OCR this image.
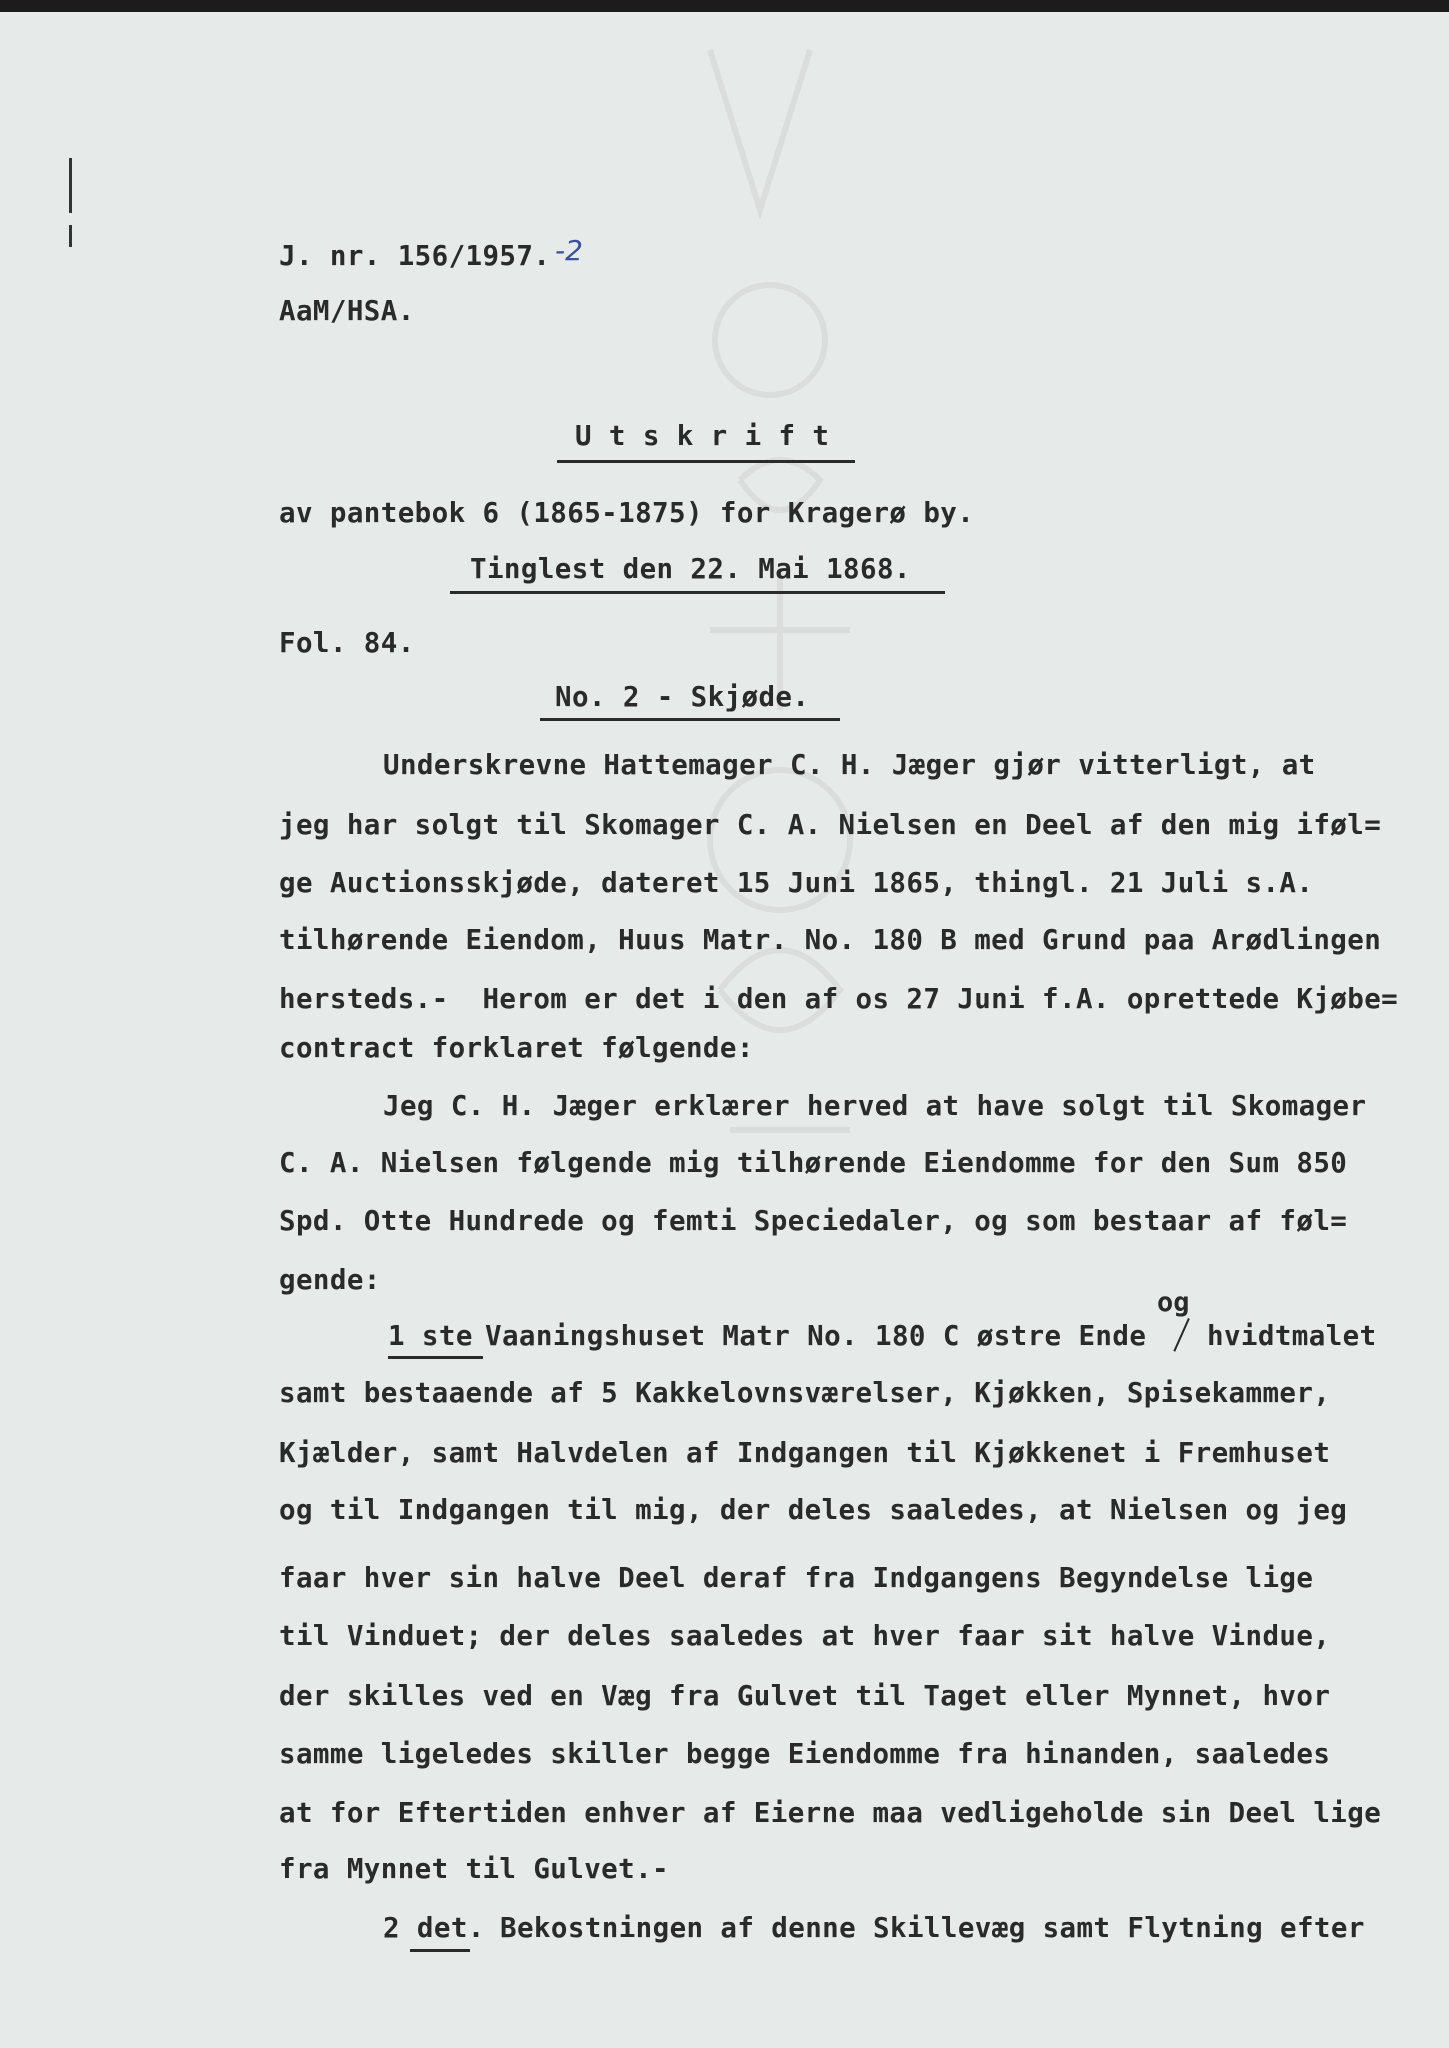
J. nr. 156/1957. -2
AaM/HSA.
U t s k r i f t
av pantebok 6 (1865-1875) for Kragerø by.
Tinglest den 22. Mai 1868.
Fol. 84.
No. 2 - Skjøde.
Underskrevne Hattemager C. H. Jæger gjør vitterligt, at
jeg har solgt til Skomager C. A. Nielsen en Deel af den mig iføl=
ge Auctionsskjøde, dateret 15 Juni 1865, thingl. 21 Juli s.A.
tilhørende Eiendom, Huus Matr. No. 180 B med Grund paa Arødlingen
hersteds.-  Herom er det i den af os 27 Juni f.A. oprettede Kjøbe=
contract forklaret følgende:
Jeg C. H. Jæger erklærer herved at have solgt til Skomager
C. A. Nielsen følgende mig tilhørende Eiendomme for den Sum 850
Spd. Otte Hundrede og femti Speciedaler, og som bestaar af føl=
gende:
1 ste Vaaningshuset Matr No. 180 C østre Ende
og
hvidtmalet
samt bestaaende af 5 Kakkelovnsværelser, Kjøkken, Spisekammer,
Kjælder, samt Halvdelen af Indgangen til Kjøkkenet i Fremhuset
og til Indgangen til mig, der deles saaledes, at Nielsen og jeg
faar hver sin halve Deel deraf fra Indgangens Begyndelse lige
til Vinduet; der deles saaledes at hver faar sit halve Vindue,
der skilles ved en Væg fra Gulvet til Taget eller Mynnet, hvor
samme ligeledes skiller begge Eiendomme fra hinanden, saaledes
at for Eftertiden enhver af Eierne maa vedligeholde sin Deel lige
fra Mynnet til Gulvet.-
2 det. Bekostningen af denne Skillevæg samt Flytning efter
